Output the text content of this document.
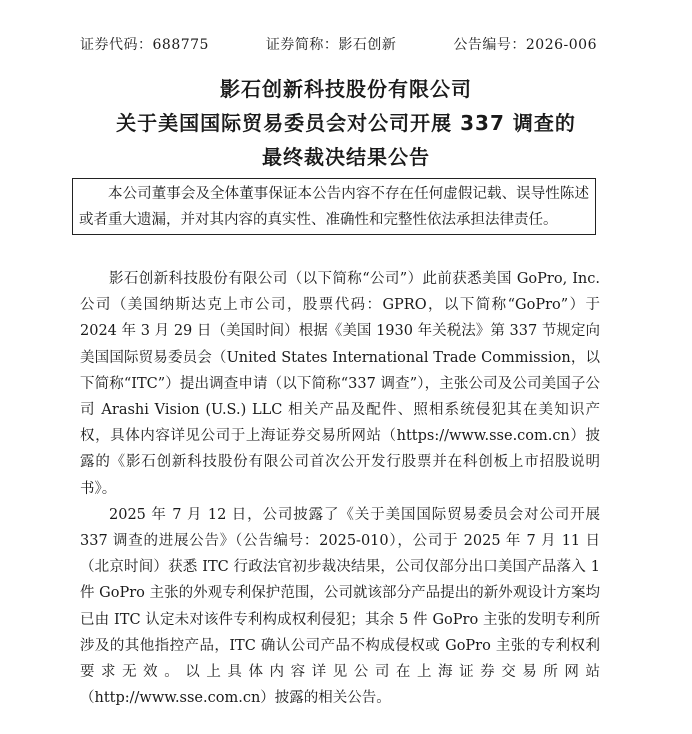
证券代码：688775	证券简称：影石创新	公告编号：2026-006
影石创新科技股份有限公司
关于美国国际贸易委员会对公司开展 337 调查的
最终裁决结果公告
本公司董事会及全体董事保证本公告内容不存在任何虚假记载、误导性陈述或者重大遗漏，并对其内容的真实性、准确性和完整性依法承担法律责任。

影石创新科技股份有限公司（以下简称“公司”）此前获悉美国 GoPro, Inc. 公司（美国纳斯达克上市公司，股票代码：GPRO，以下简称“GoPro”）于 2024 年 3 月 29 日（美国时间）根据《美国 1930 年关税法》第 337 节规定向美国国际贸易委员会（United States International Trade Commission，以下简称“ITC”）提出调查申请（以下简称“337 调查”），主张公司及公司美国子公司 Arashi Vision (U.S.) LLC 相关产品及配件、照相系统侵犯其在美知识产权，具体内容详见公司于上海证券交易所网站（https://www.sse.com.cn）披露的《影石创新科技股份有限公司首次公开发行股票并在科创板上市招股说明书》。

2025 年 7 月 12 日，公司披露了《关于美国国际贸易委员会对公司开展 337 调查的进展公告》（公告编号：2025-010），公司于 2025 年 7 月 11 日（北京时间）获悉 ITC 行政法官初步裁决结果，公司仅部分出口美国产品落入 1 件 GoPro 主张的外观专利保护范围，公司就该部分产品提出的新外观设计方案均已由 ITC 认定未对该件专利构成权利侵犯；其余 5 件 GoPro 主张的发明专利所涉及的其他指控产品，ITC 确认公司产品不构成侵权或 GoPro 主张的专利权利要求无效。以上具体内容详见公司在上海证券交易所网站（http://www.sse.com.cn）披露的相关公告。
